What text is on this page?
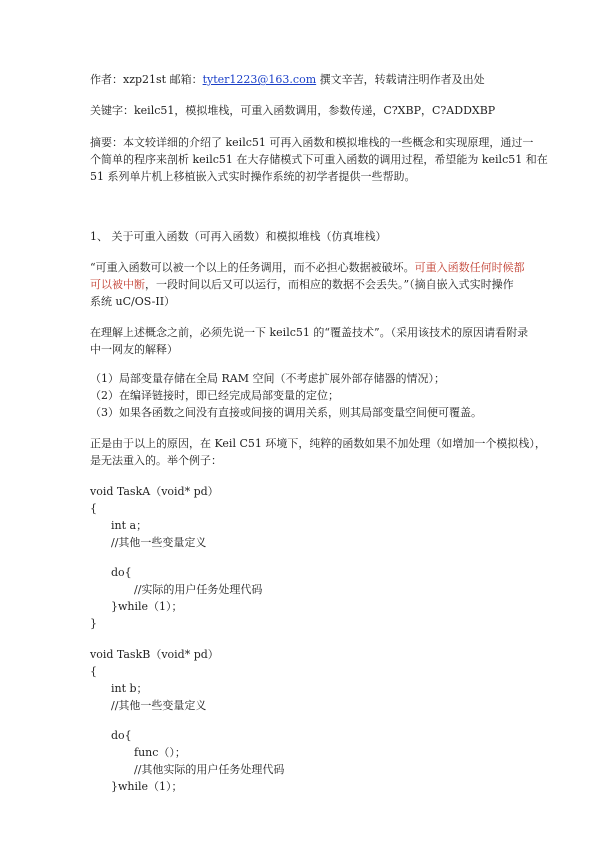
作者：xzp21st 邮箱：tyter1223@163.com 撰文辛苦，转载请注明作者及出处
关键字：keilc51，模拟堆栈，可重入函数调用，参数传递，C?XBP，C?ADDXBP
摘要：本文较详细的介绍了 keilc51 可再入函数和模拟堆栈的一些概念和实现原理，通过一
个简单的程序来剖析 keilc51 在大存储模式下可重入函数的调用过程，希望能为 keilc51 和在
51 系列单片机上移植嵌入式实时操作系统的初学者提供一些帮助。
1、 关于可重入函数（可再入函数）和模拟堆栈（仿真堆栈）
“可重入函数可以被一个以上的任务调用，而不必担心数据被破坏。可重入函数任何时候都
可以被中断，一段时间以后又可以运行，而相应的数据不会丢失。”（摘自嵌入式实时操作
系统 uC/OS-II）
在理解上述概念之前，必须先说一下 keilc51 的“覆盖技术”。（采用该技术的原因请看附录
中一网友的解释）
（1）局部变量存储在全局 RAM 空间（不考虑扩展外部存储器的情况）；
（2）在编译链接时，即已经完成局部变量的定位；
（3）如果各函数之间没有直接或间接的调用关系，则其局部变量空间便可覆盖。
正是由于以上的原因，在 Keil C51 环境下，纯粹的函数如果不加处理（如增加一个模拟栈），
是无法重入的。举个例子：
void TaskA（void* pd）
{
int a；
//其他一些变量定义
do{
//实际的用户任务处理代码
}while（1）；
}
void TaskB（void* pd）
{
int b；
//其他一些变量定义
do{
func（）；
//其他实际的用户任务处理代码
}while（1）；
